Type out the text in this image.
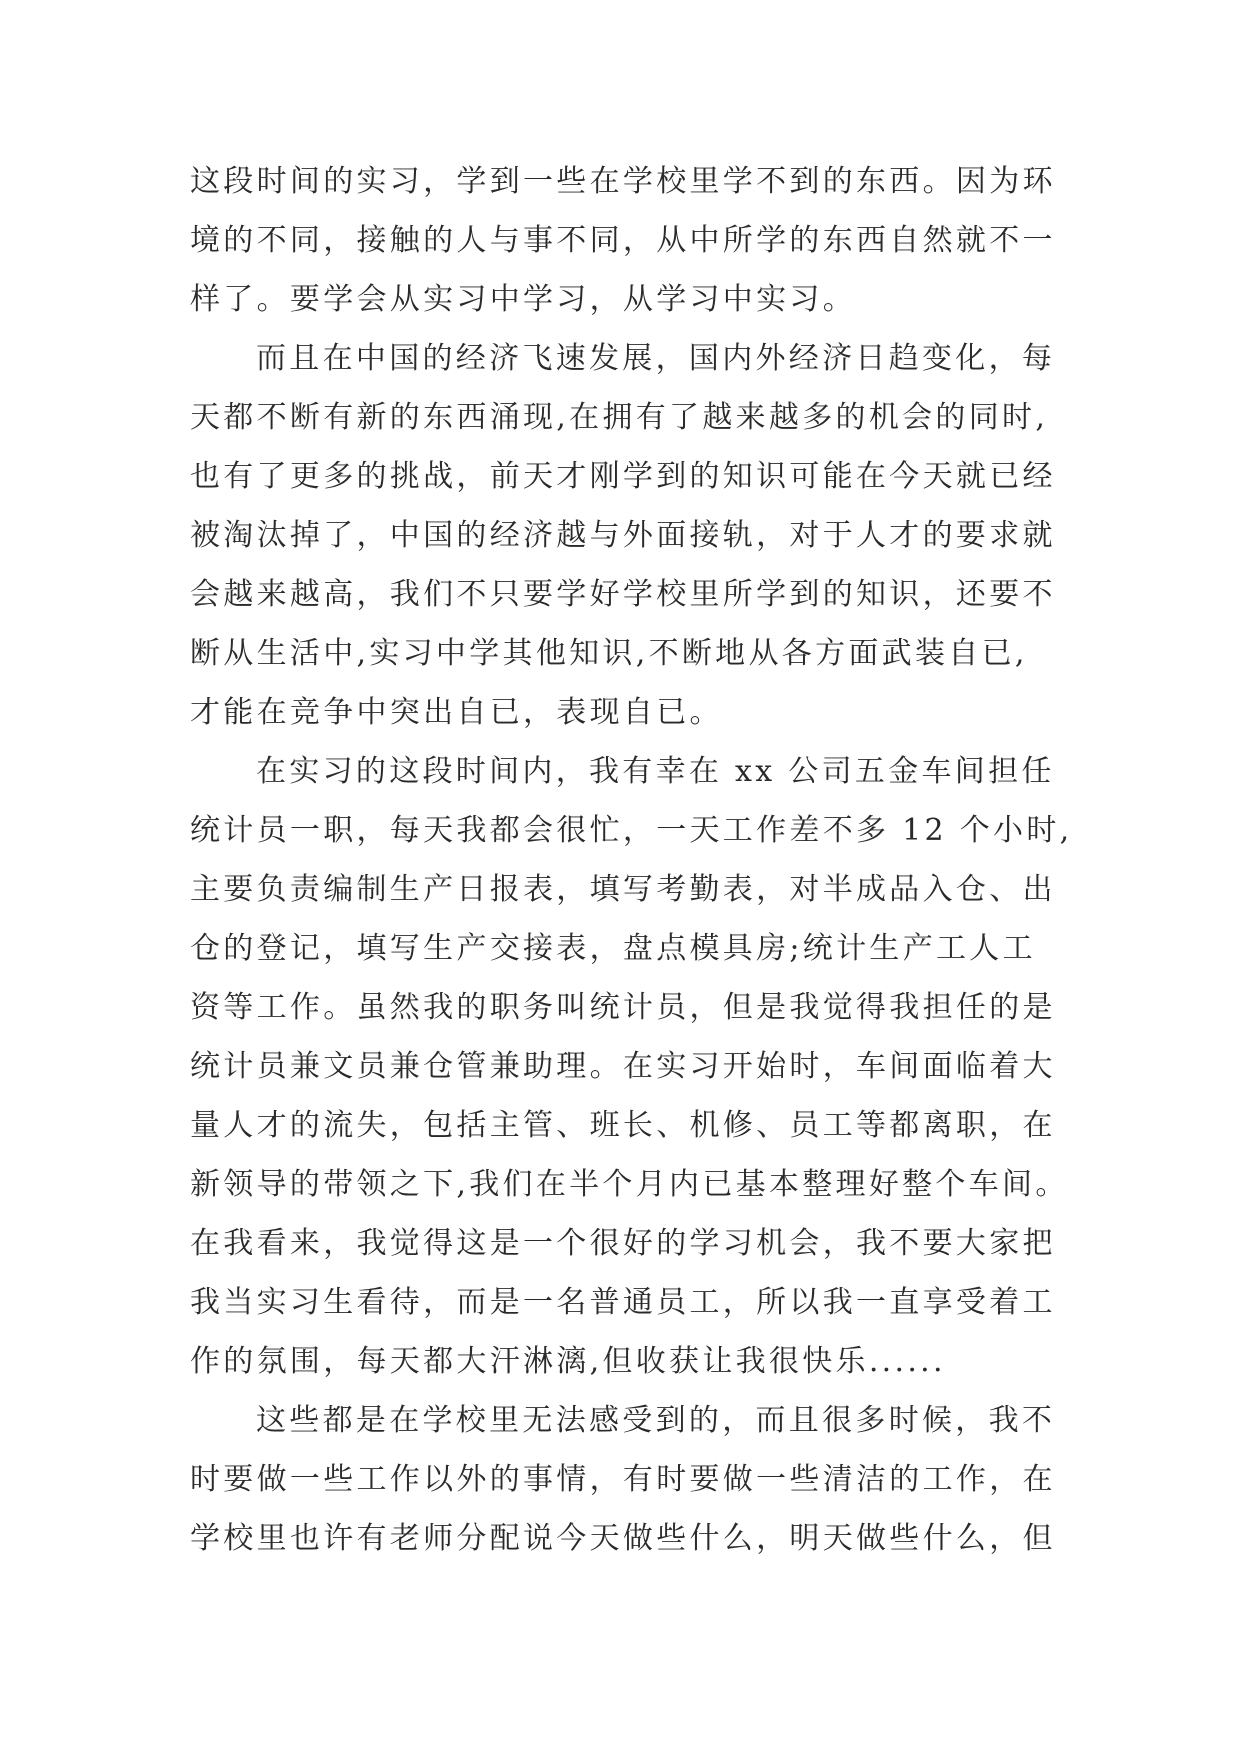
这段时间的实习，学到一些在学校里学不到的东西。因为环
境的不同，接触的人与事不同，从中所学的东西自然就不一
样了。要学会从实习中学习，从学习中实习。
而且在中国的经济飞速发展，国内外经济日趋变化，每
天都不断有新的东西涌现,在拥有了越来越多的机会的同时,
也有了更多的挑战，前天才刚学到的知识可能在今天就已经
被淘汰掉了，中国的经济越与外面接轨，对于人才的要求就
会越来越高，我们不只要学好学校里所学到的知识，还要不
断从生活中,实习中学其他知识,不断地从各方面武装自已,
才能在竞争中突出自已，表现自已。
在实习的这段时间内，我有幸在 xx 公司五金车间担任
统计员一职，每天我都会很忙，一天工作差不多 12 个小时,
主要负责编制生产日报表，填写考勤表，对半成品入仓、出
仓的登记，填写生产交接表，盘点模具房;统计生产工人工
资等工作。虽然我的职务叫统计员，但是我觉得我担任的是
统计员兼文员兼仓管兼助理。在实习开始时，车间面临着大
量人才的流失，包括主管、班长、机修、员工等都离职，在
新领导的带领之下,我们在半个月内已基本整理好整个车间。
在我看来，我觉得这是一个很好的学习机会，我不要大家把
我当实习生看待，而是一名普通员工，所以我一直享受着工
作的氛围，每天都大汗淋漓,但收获让我很快乐......
这些都是在学校里无法感受到的，而且很多时候，我不
时要做一些工作以外的事情，有时要做一些清洁的工作，在
学校里也许有老师分配说今天做些什么，明天做些什么，但
